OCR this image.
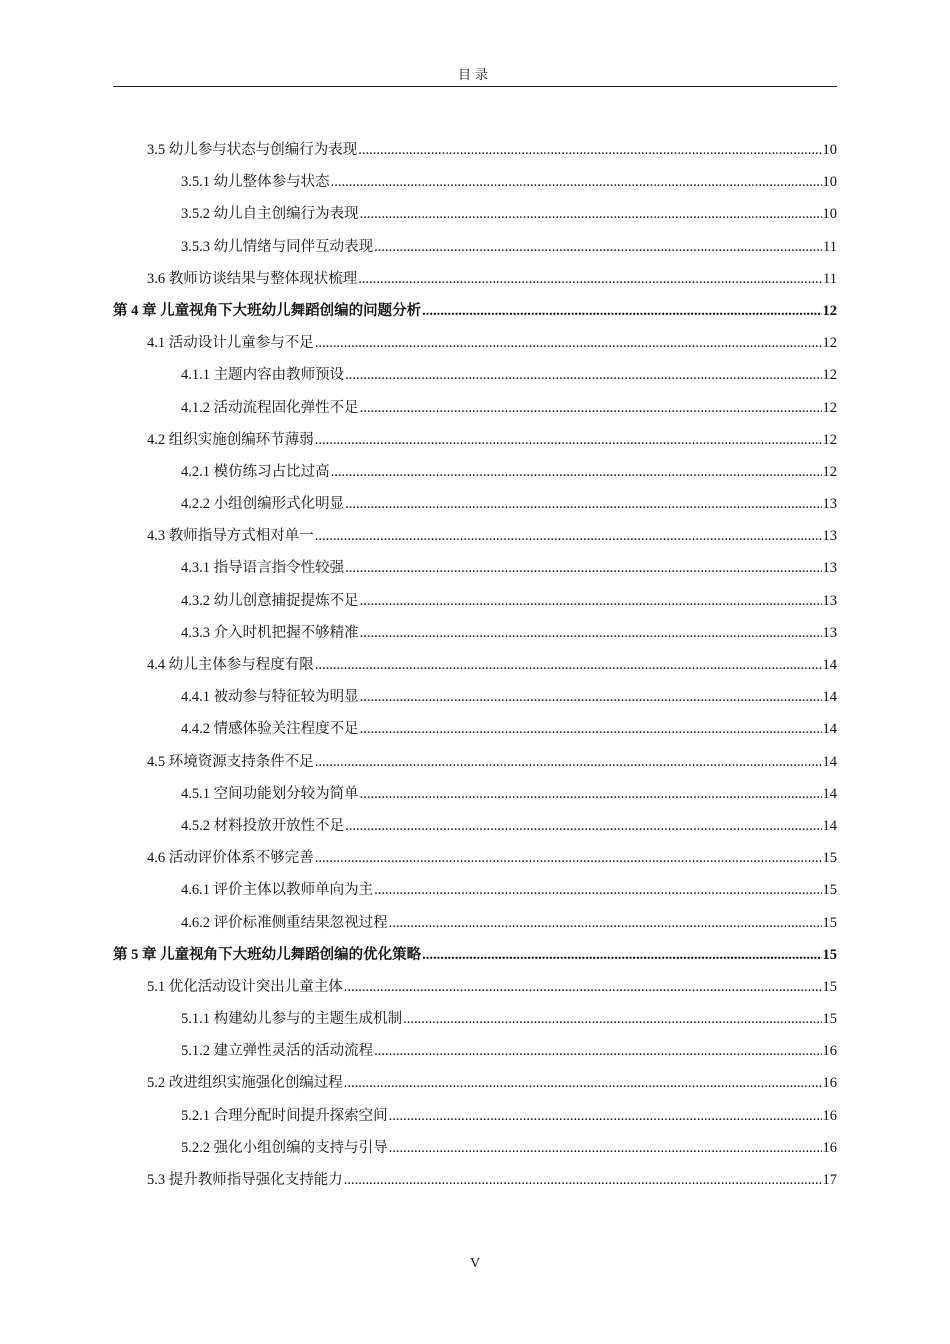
目录
3.5 幼儿参与状态与创编行为表现 .....	10
3.5.1 幼儿整体参与状态 .....	10
3.5.2 幼儿自主创编行为表现 .....	10
3.5.3 幼儿情绪与同伴互动表现 .....	11
3.6 教师访谈结果与整体现状梳理 .....	11
第 4 章 儿童视角下大班幼儿舞蹈创编的问题分析 .....	12
4.1 活动设计儿童参与不足 .....	12
4.1.1 主题内容由教师预设 .....	12
4.1.2 活动流程固化弹性不足 .....	12
4.2 组织实施创编环节薄弱 .....	12
4.2.1 模仿练习占比过高 .....	12
4.2.2 小组创编形式化明显 .....	13
4.3 教师指导方式相对单一 .....	13
4.3.1 指导语言指令性较强 .....	13
4.3.2 幼儿创意捕捉提炼不足 .....	13
4.3.3 介入时机把握不够精准 .....	13
4.4 幼儿主体参与程度有限 .....	14
4.4.1 被动参与特征较为明显 .....	14
4.4.2 情感体验关注程度不足 .....	14
4.5 环境资源支持条件不足 .....	14
4.5.1 空间功能划分较为简单 .....	14
4.5.2 材料投放开放性不足 .....	14
4.6 活动评价体系不够完善 .....	15
4.6.1 评价主体以教师单向为主 .....	15
4.6.2 评价标准侧重结果忽视过程 .....	15
第 5 章 儿童视角下大班幼儿舞蹈创编的优化策略 .....	15
5.1 优化活动设计突出儿童主体 .....	15
5.1.1 构建幼儿参与的主题生成机制 .....	15
5.1.2 建立弹性灵活的活动流程 .....	16
5.2 改进组织实施强化创编过程 .....	16
5.2.1 合理分配时间提升探索空间 .....	16
5.2.2 强化小组创编的支持与引导 .....	16
5.3 提升教师指导强化支持能力 .....	17
V
